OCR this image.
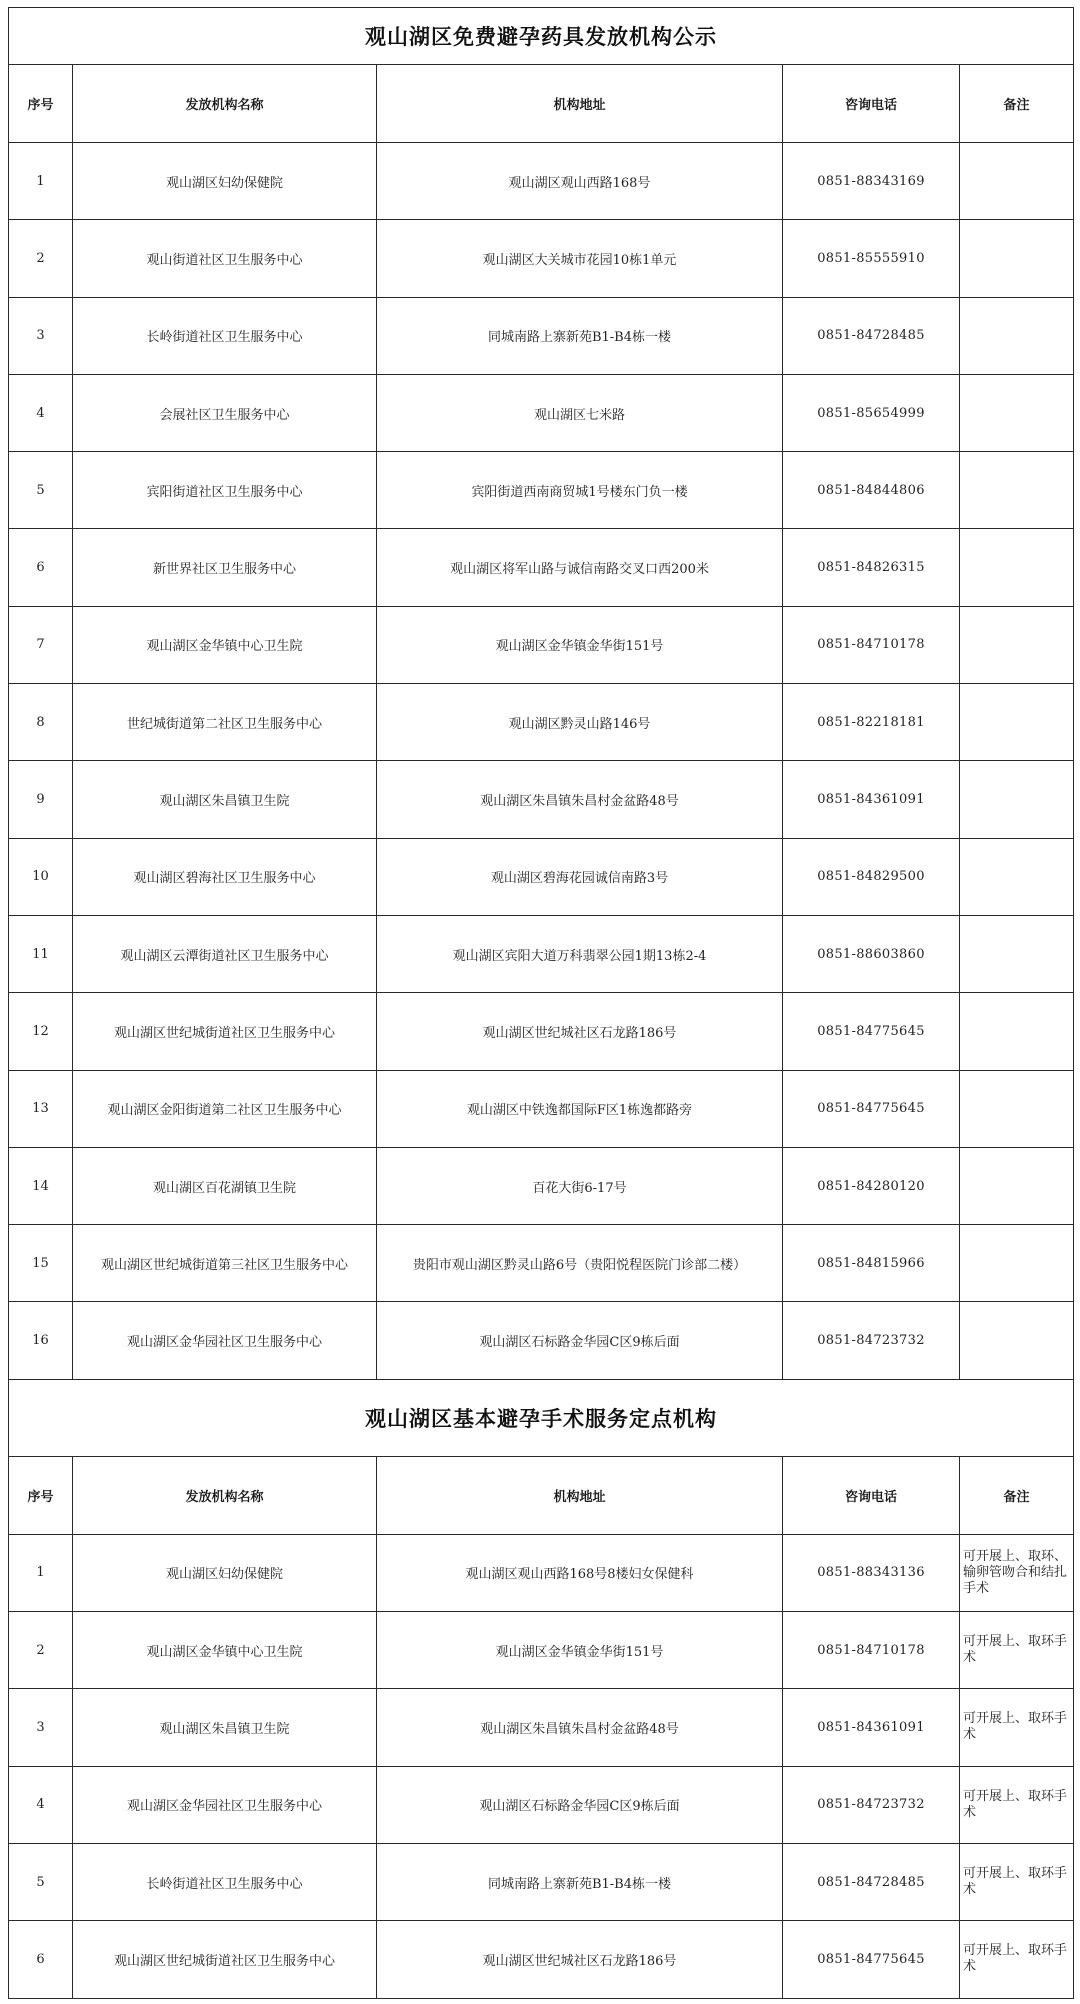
观山湖区免费避孕药具发放机构公示				
序号	发放机构名称	机构地址	咨询电话	备注
1	观山湖区妇幼保健院	观山湖区观山西路168号	0851-88343169	
2	观山街道社区卫生服务中心	观山湖区大关城市花园10栋1单元	0851-85555910	
3	长岭街道社区卫生服务中心	同城南路上寨新苑B1-B4栋一楼	0851-84728485	
4	会展社区卫生服务中心	观山湖区七米路	0851-85654999	
5	宾阳街道社区卫生服务中心	宾阳街道西南商贸城1号楼东门负一楼	0851-84844806	
6	新世界社区卫生服务中心	观山湖区将军山路与诚信南路交叉口西200米	0851-84826315	
7	观山湖区金华镇中心卫生院	观山湖区金华镇金华街151号	0851-84710178	
8	世纪城街道第二社区卫生服务中心	观山湖区黔灵山路146号	0851-82218181	
9	观山湖区朱昌镇卫生院	观山湖区朱昌镇朱昌村金盆路48号	0851-84361091	
10	观山湖区碧海社区卫生服务中心	观山湖区碧海花园诚信南路3号	0851-84829500	
11	观山湖区云潭街道社区卫生服务中心	观山湖区宾阳大道万科翡翠公园1期13栋2-4	0851-88603860	
12	观山湖区世纪城街道社区卫生服务中心	观山湖区世纪城社区石龙路186号	0851-84775645	
13	观山湖区金阳街道第二社区卫生服务中心	观山湖区中铁逸都国际F区1栋逸都路旁	0851-84775645	
14	观山湖区百花湖镇卫生院	百花大街6-17号	0851-84280120	
15	观山湖区世纪城街道第三社区卫生服务中心	贵阳市观山湖区黔灵山路6号（贵阳悦程医院门诊部二楼）	0851-84815966	
16	观山湖区金华园社区卫生服务中心	观山湖区石标路金华园C区9栋后面	0851-84723732	
观山湖区基本避孕手术服务定点机构				
序号	发放机构名称	机构地址	咨询电话	备注
1	观山湖区妇幼保健院	观山湖区观山西路168号8楼妇女保健科	0851-88343136	可开展上、取环、输卵管吻合和结扎手术
2	观山湖区金华镇中心卫生院	观山湖区金华镇金华街151号	0851-84710178	可开展上、取环手术
3	观山湖区朱昌镇卫生院	观山湖区朱昌镇朱昌村金盆路48号	0851-84361091	可开展上、取环手术
4	观山湖区金华园社区卫生服务中心	观山湖区石标路金华园C区9栋后面	0851-84723732	可开展上、取环手术
5	长岭街道社区卫生服务中心	同城南路上寨新苑B1-B4栋一楼	0851-84728485	可开展上、取环手术
6	观山湖区世纪城街道社区卫生服务中心	观山湖区世纪城社区石龙路186号	0851-84775645	可开展上、取环手术
